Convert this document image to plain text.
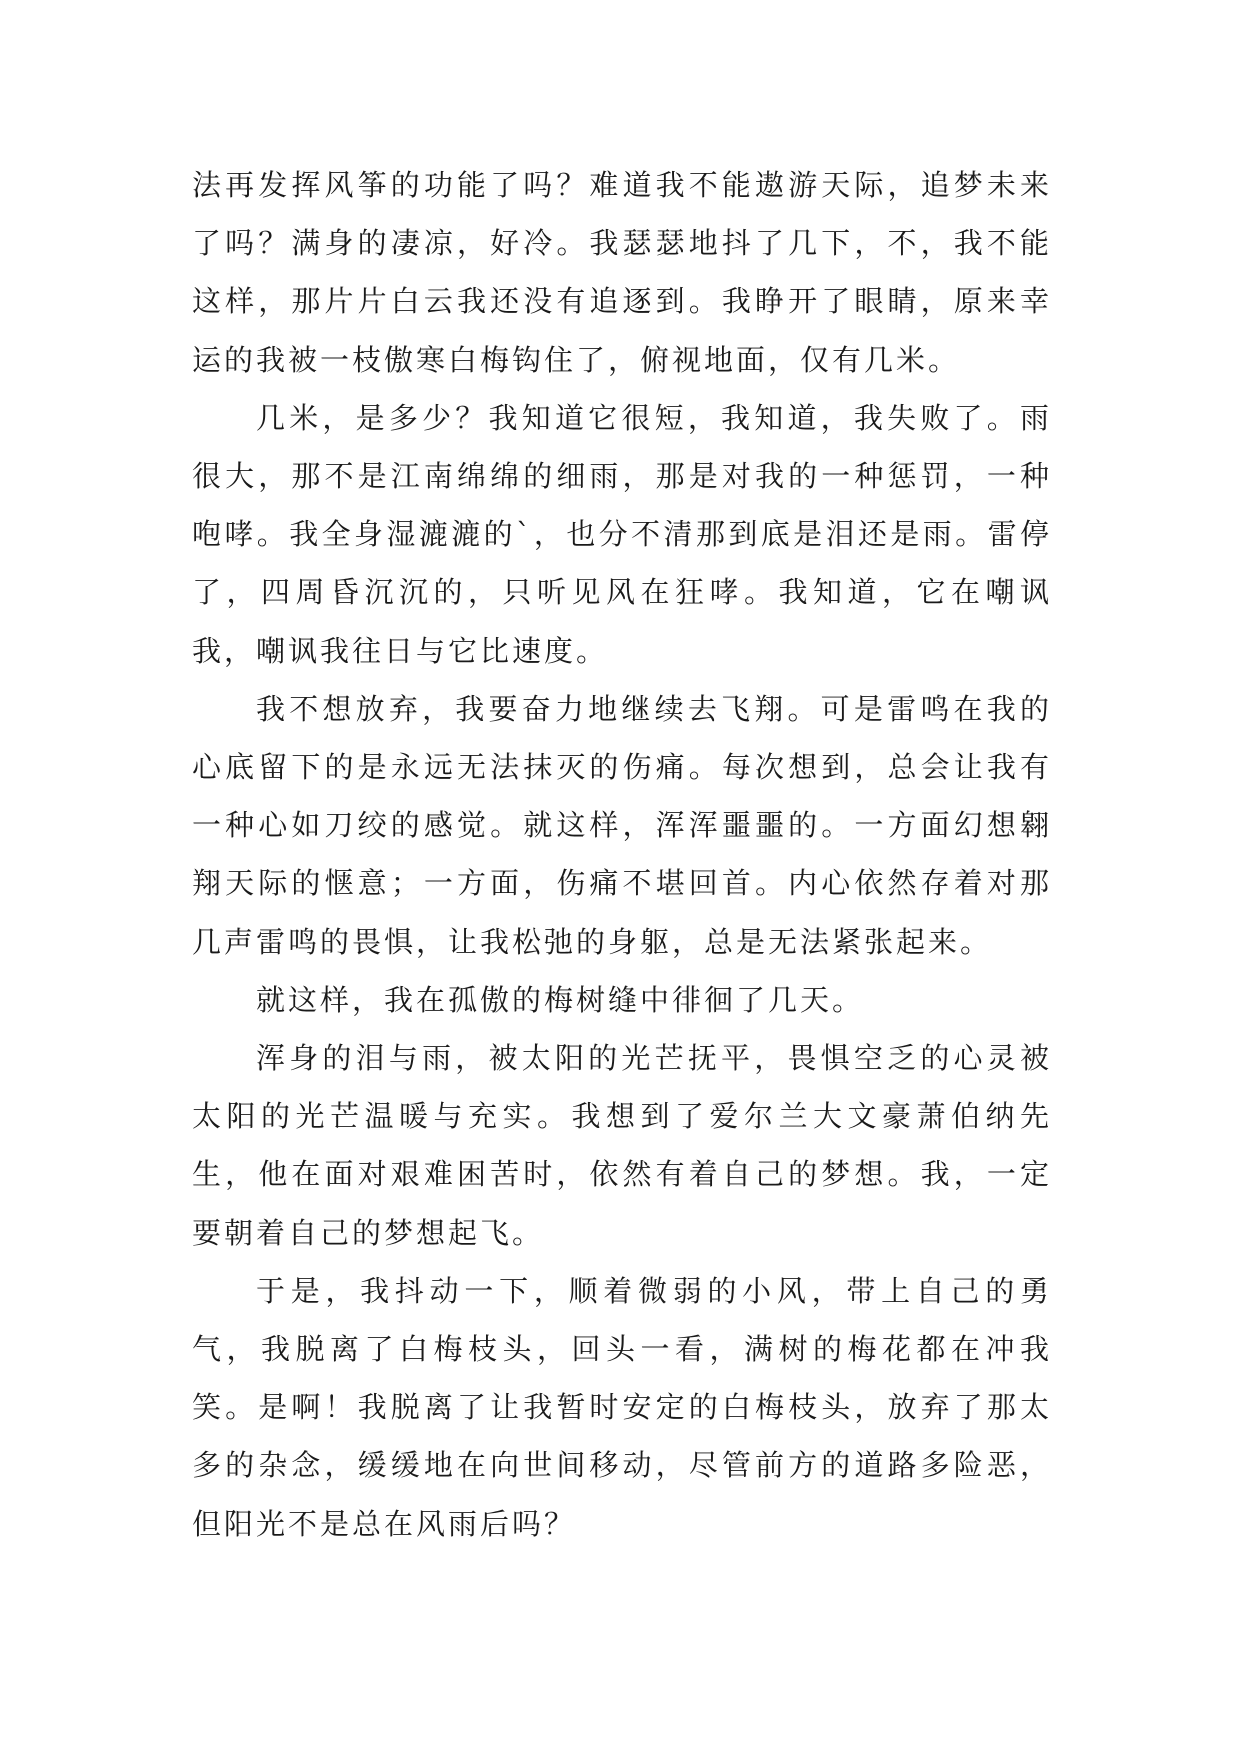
法再发挥风筝的功能了吗？难道我不能遨游天际，追梦未来了吗？满身的凄凉，好冷。我瑟瑟地抖了几下，不，我不能这样，那片片白云我还没有追逐到。我睁开了眼睛，原来幸运的我被一枝傲寒白梅钩住了，俯视地面，仅有几米。

几米，是多少？我知道它很短，我知道，我失败了。雨很大，那不是江南绵绵的细雨，那是对我的一种惩罚，一种咆哮。我全身湿漉漉的`，也分不清那到底是泪还是雨。雷停了，四周昏沉沉的，只听见风在狂哮。我知道，它在嘲讽我，嘲讽我往日与它比速度。

我不想放弃，我要奋力地继续去飞翔。可是雷鸣在我的心底留下的是永远无法抹灭的伤痛。每次想到，总会让我有一种心如刀绞的感觉。就这样，浑浑噩噩的。一方面幻想翱翔天际的惬意；一方面，伤痛不堪回首。内心依然存着对那几声雷鸣的畏惧，让我松弛的身躯，总是无法紧张起来。

就这样，我在孤傲的梅树缝中徘徊了几天。

浑身的泪与雨，被太阳的光芒抚平，畏惧空乏的心灵被太阳的光芒温暖与充实。我想到了爱尔兰大文豪萧伯纳先生，他在面对艰难困苦时，依然有着自己的梦想。我，一定要朝着自己的梦想起飞。

于是，我抖动一下，顺着微弱的小风，带上自己的勇气，我脱离了白梅枝头，回头一看，满树的梅花都在冲我笑。是啊！我脱离了让我暂时安定的白梅枝头，放弃了那太多的杂念，缓缓地在向世间移动，尽管前方的道路多险恶，但阳光不是总在风雨后吗？
